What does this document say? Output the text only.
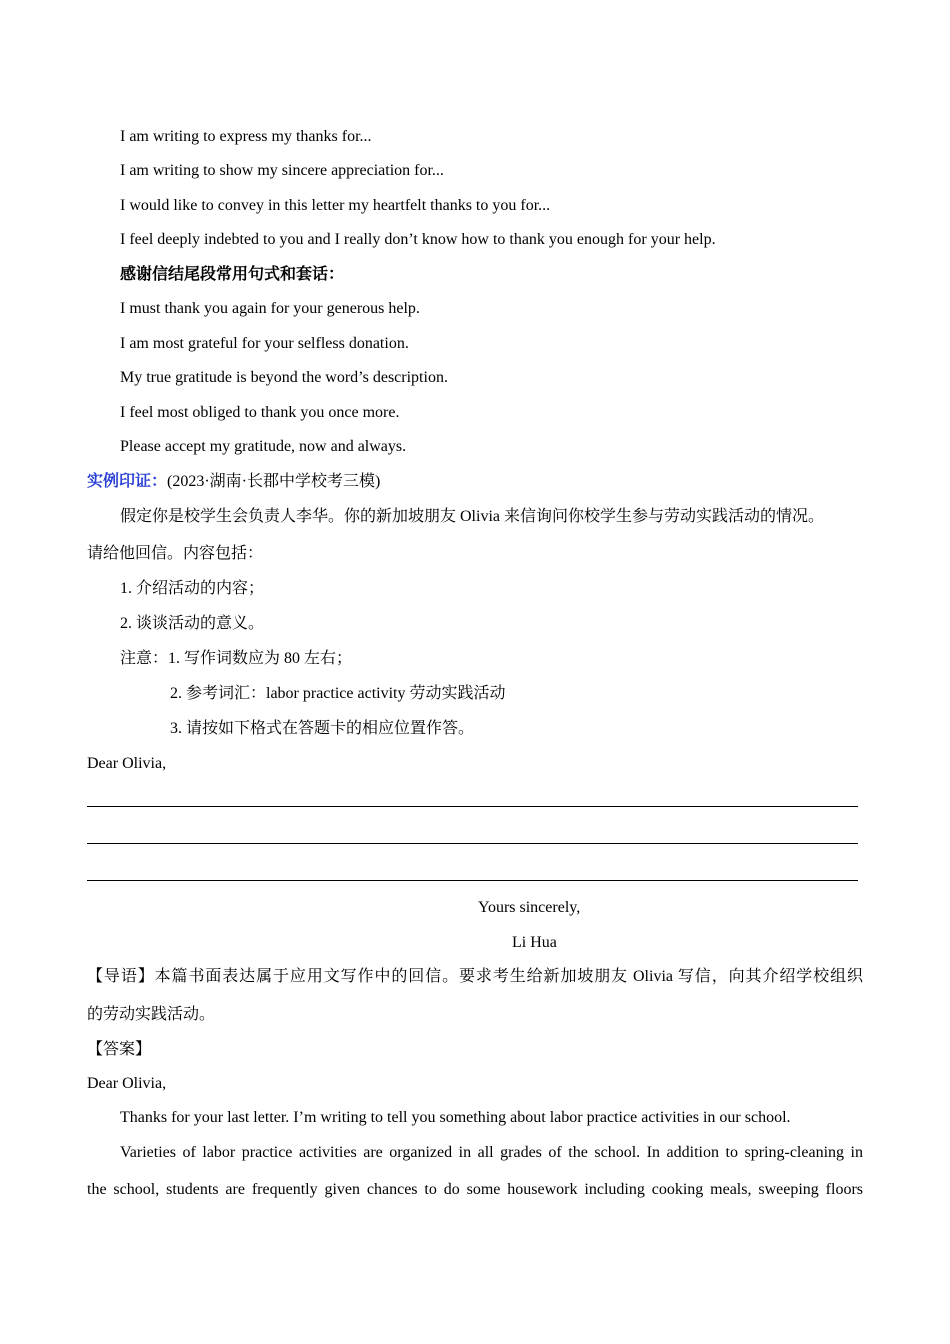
I am writing to express my thanks for...
I am writing to show my sincere appreciation for...
I would like to convey in this letter my heartfelt thanks to you for...
I feel deeply indebted to you and I really don’t know how to thank you enough for your help.
感谢信结尾段常用句式和套话：
I must thank you again for your generous help.
I am most grateful for your selfless donation.
My true gratitude is beyond the word’s description.
I feel most obliged to thank you once more.
Please accept my gratitude, now and always.
实例印证：(2023·湖南·长郡中学校考三模)
假定你是校学生会负责人李华。你的新加坡朋友 Olivia 来信询问你校学生参与劳动实践活动的情况。
请给他回信。内容包括：
1. 介绍活动的内容；
2. 谈谈活动的意义。
注意：1. 写作词数应为 80 左右；
2. 参考词汇：labor practice activity 劳动实践活动
3. 请按如下格式在答题卡的相应位置作答。
Dear Olivia,
Yours sincerely,
Li Hua
【导语】本篇书面表达属于应用文写作中的回信。要求考生给新加坡朋友 Olivia 写信，向其介绍学校组织
的劳动实践活动。
【答案】
Dear Olivia,
Thanks for your last letter. I’m writing to tell you something about labor practice activities in our school.
Varieties of labor practice activities are organized in all grades of the school. In addition to spring-cleaning in
the school, students are frequently given chances to do some housework including cooking meals, sweeping floors
